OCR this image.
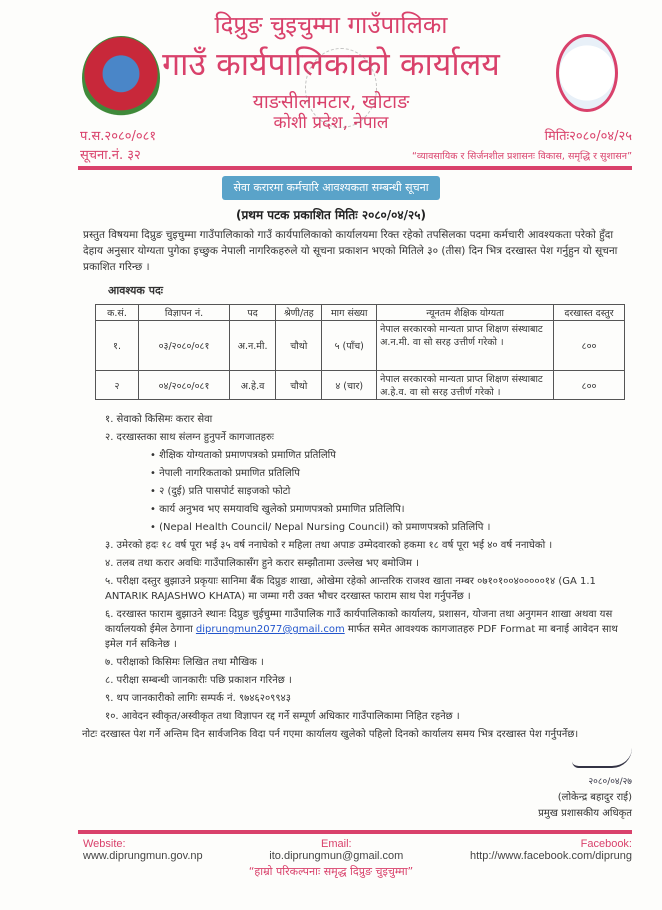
दिप्रुङ चुइचुम्मा गाउँपालिका
गाउँ कार्यपालिकाको कार्यालय
याङसीलामटार, खोटाङ
कोशी प्रदेश, नेपाल
प.स.२०८०/०८१	मितिः२०८०/०४/२५
सूचना.नं. ३२	“व्यावसायिक र सिर्जनशील प्रशासनः विकास, समृद्धि र सुशासन”
सेवा करारमा कर्मचारि आवश्यकता सम्बन्धी सूचना
(प्रथम पटक प्रकाशित मितिः २०८०/०४/२५)
प्रस्तुत विषयमा दिप्रुङ चुइचुम्मा गाउँपालिकाको गाउँ कार्यपालिकाको कार्यालयमा रिक्त रहेको तपसिलका पदमा कर्मचारी आवश्यकता परेको हुँदा देहाय अनुसार योग्यता पुगेका इच्छुक नेपाली नागरिकहरुले यो सूचना प्रकाशन भएको मितिले ३० (तीस) दिन भित्र दरखास्त पेश गर्नुहुन यो सूचना प्रकाशित गरिन्छ ।
आवश्यक पदः
क.सं.	विज्ञापन नं.	पद	श्रेणी/तह	माग संख्या	न्यूनतम शैक्षिक योग्यता	दरखास्त दस्तुर
१.	०३/२०८०/०८१	अ.न.मी.	चौथो	५ (पाँच)	नेपाल सरकारको मान्यता प्राप्त शिक्षण संस्थाबाट अ.न.मी. वा सो सरह उत्तीर्ण गरेको ।	८००
२	०४/२०८०/०८१	अ.हे.व	चौथो	४ (चार)	नेपाल सरकारको मान्यता प्राप्त शिक्षण संस्थाबाट अ.हे.व. वा सो सरह उत्तीर्ण गरेको ।	८००
१. सेवाको किसिमः करार सेवा
२. दरखास्तका साथ संलग्न हुनुपर्ने कागजातहरुः
• शैक्षिक योग्यताको प्रमाणपत्रको प्रमाणित प्रतिलिपि
• नेपाली नागरिकताको प्रमाणित प्रतिलिपि
• २ (दुई) प्रति पासपोर्ट साइजको फोटो
• कार्य अनुभव भए समयावधि खुलेको प्रमाणपत्रको प्रमाणित प्रतिलिपि।
• (Nepal Health Council/ Nepal Nursing Council) को प्रमाणपत्रको प्रतिलिपि ।
३. उमेरको हदः १८ वर्ष पूरा भई ३५ वर्ष ननाघेको र महिला तथा अपाङ उम्मेदवारको हकमा १८ वर्ष पूरा भई ४० वर्ष ननाघेको ।
४. तलब तथा करार अवधिः गाउँपालिकासँग हुने करार सम्झौतामा उल्लेख भए बमोजिम ।
५. परीक्षा दस्तुर बुझाउने प्रकृयाः सानिमा बैंक दिप्रुङ शाखा, ओखेमा रहेको आन्तरिक राजश्व खाता नम्बर ०७१०१००४०००००१४ (GA 1.1 ANTARIK RAJASHWO KHATA) मा जम्मा गरी उक्त भौचर दरखास्त फाराम साथ पेश गर्नुपर्नेछ ।
६. दरखास्त फाराम बुझाउने स्थानः दिप्रुङ चुईचुम्मा गाउँपालिक गाउँ कार्यपालिकाको कार्यालय, प्रशासन, योजना तथा अनुगमन शाखा अथवा यस कार्यालयको ईमेल ठेगाना diprungmun2077@gmail.com मार्फत समेत आवश्यक कागजातहरु PDF Format मा बनाई आवेदन साथ इमेल गर्न सकिनेछ ।
७. परीक्षाको किसिमः लिखित तथा मौखिक ।
८. परीक्षा सम्बन्धी जानकारीः पछि प्रकाशन गरिनेछ ।
९. थप जानकारीको लागिः सम्पर्क नं. ९७४६२०९९४३
१०. आवेदन स्वीकृत/अस्वीकृत तथा विज्ञापन रद्द गर्ने सम्पूर्ण अधिकार गाउँपालिकामा निहित रहनेछ ।
नोटः दरखास्त पेश गर्ने अन्तिम दिन सार्वजनिक विदा पर्न गएमा कार्यालय खुलेको पहिलो दिनको कार्यालय समय भित्र दरखास्त पेश गर्नुपर्नेछ।
२०८०/०४/२७
(लोकेन्द्र बहादुर राई)
प्रमुख प्रशासकीय अधिकृत
Website:
www.diprungmun.gov.np
Email:
ito.diprungmun@gmail.com
Facebook:
http://www.facebook.com/diprung
“हाम्रो परिकल्पनाः समृद्ध दिप्रुङ चुइचुम्मा”
